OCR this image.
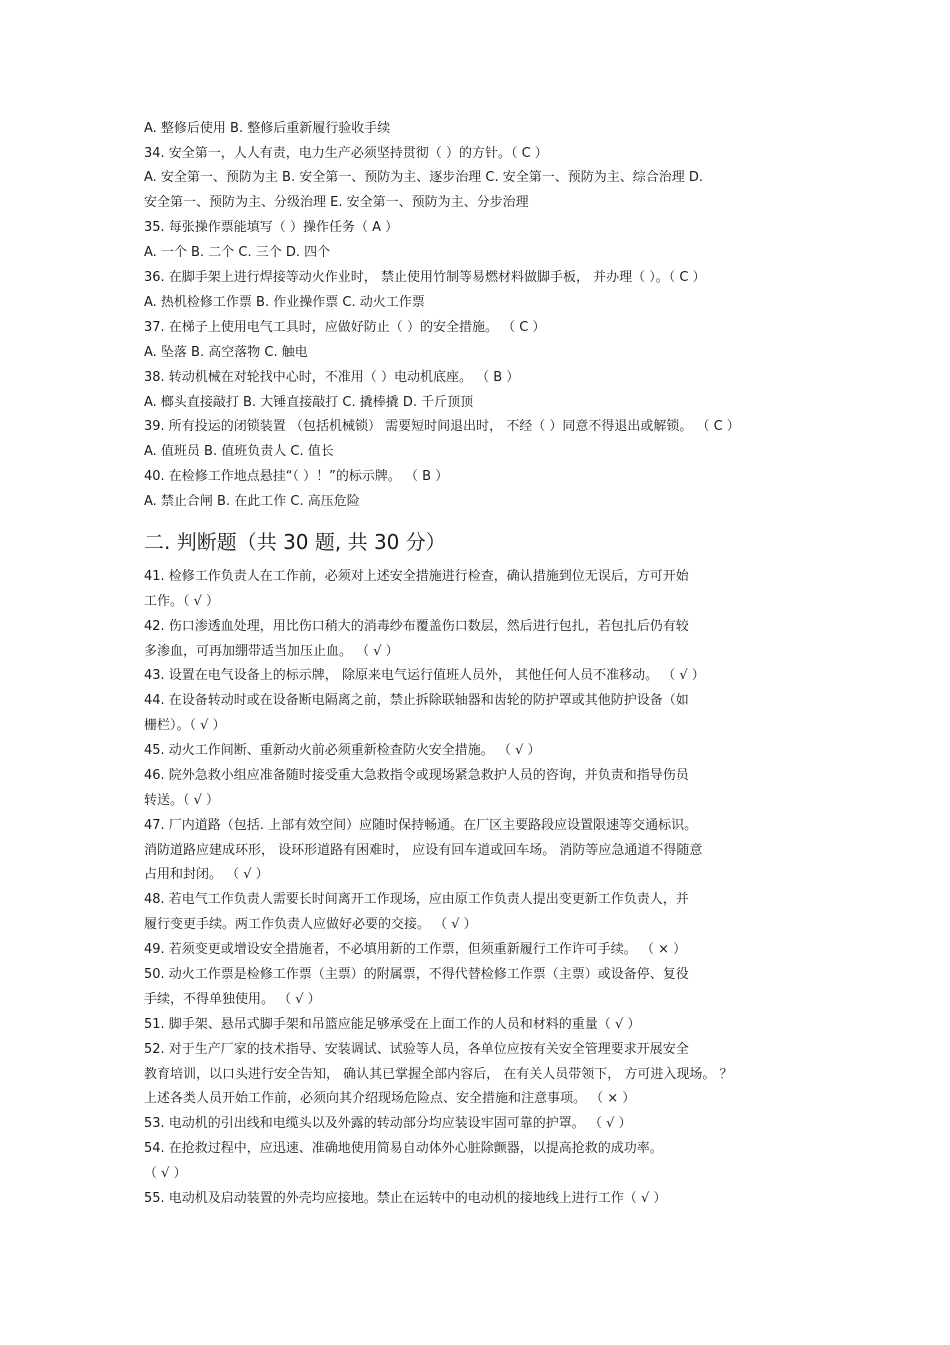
A. 整修后使用 B. 整修后重新履行验收手续
34. 安全第一，人人有责，电力生产必须坚持贯彻（ ）的方针。（ C ）
A. 安全第一、预防为主 B. 安全第一、预防为主、逐步治理 C. 安全第一、预防为主、综合治理 D.
安全第一、预防为主、分级治理 E. 安全第一、预防为主、分步治理
35. 每张操作票能填写（ ）操作任务（ A ）
A. 一个 B. 二个 C. 三个 D. 四个
36. 在脚手架上进行焊接等动火作业时， 禁止使用竹制等易燃材料做脚手板， 并办理（ ）。（ C ）
A. 热机检修工作票 B. 作业操作票 C. 动火工作票
37. 在梯子上使用电气工具时，应做好防止（ ）的安全措施。 （ C ）
A. 坠落 B. 高空落物 C. 触电
38. 转动机械在对轮找中心时，不准用（ ）电动机底座。 （ B ）
A. 榔头直接敲打 B. 大锤直接敲打 C. 撬棒撬 D. 千斤顶顶
39. 所有投运的闭锁装置 （包括机械锁） 需要短时间退出时， 不经（ ）同意不得退出或解锁。 （ C ）
A. 值班员 B. 值班负责人 C. 值长
40. 在检修工作地点悬挂“（ ）！”的标示牌。 （ B ）
A. 禁止合闸 B. 在此工作 C. 高压危险
二. 判断题（共 30 题, 共 30 分）
41. 检修工作负责人在工作前，必须对上述安全措施进行检查，确认措施到位无误后，方可开始
工作。（ √ ）
42. 伤口渗透血处理，用比伤口稍大的消毒纱布覆盖伤口数层，然后进行包扎，若包扎后仍有较
多渗血，可再加绷带适当加压止血。 （ √ ）
43. 设置在电气设备上的标示牌， 除原来电气运行值班人员外， 其他任何人员不准移动。 （ √ ）
44. 在设备转动时或在设备断电隔离之前，禁止拆除联轴器和齿轮的防护罩或其他防护设备（如
栅栏）。（ √ ）
45. 动火工作间断、重新动火前必须重新检查防火安全措施。 （ √ ）
46. 院外急救小组应准备随时接受重大急救指令或现场紧急救护人员的咨询，并负责和指导伤员
转送。（ √ ）
47. 厂内道路（包括. 上部有效空间）应随时保持畅通。在厂区主要路段应设置限速等交通标识。
消防道路应建成环形， 设环形道路有困难时， 应设有回车道或回车场。 消防等应急通道不得随意
占用和封闭。 （ √ ）
48. 若电气工作负责人需要长时间离开工作现场，应由原工作负责人提出变更新工作负责人，并
履行变更手续。两工作负责人应做好必要的交接。 （ √ ）
49. 若须变更或增设安全措施者，不必填用新的工作票，但须重新履行工作许可手续。 （ × ）
50. 动火工作票是检修工作票（主票）的附属票，不得代替检修工作票（主票）或设备停、复役
手续，不得单独使用。 （ √ ）
51. 脚手架、悬吊式脚手架和吊篮应能足够承受在上面工作的人员和材料的重量（ √ ）
52. 对于生产厂家的技术指导、安装调试、试验等人员，各单位应按有关安全管理要求开展安全
教育培训，以口头进行安全告知， 确认其已掌握全部内容后， 在有关人员带领下， 方可进入现场。 ？
上述各类人员开始工作前，必须向其介绍现场危险点、安全措施和注意事项。 （ × ）
53. 电动机的引出线和电缆头以及外露的转动部分均应装设牢固可靠的护罩。 （ √ ）
54. 在抢救过程中，应迅速、准确地使用简易自动体外心脏除颤器，以提高抢救的成功率。
（ √ ）
55. 电动机及启动装置的外壳均应接地。禁止在运转中的电动机的接地线上进行工作（ √ ）
